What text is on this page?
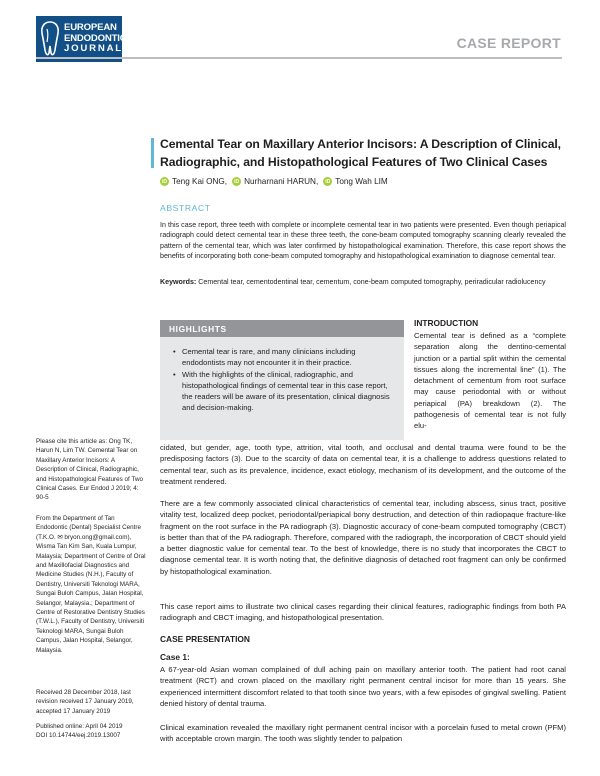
EUROPEAN
ENDODONTIC
JOURNAL	CASE REPORT
Cemental Tear on Maxillary Anterior Incisors: A Description of Clinical, Radiographic, and Histopathological Features of Two Clinical Cases
iD Teng Kai ONG,	iD Nurharnani HARUN,	iD Tong Wah LIM
ABSTRACT

In this case report, three teeth with complete or incomplete cemental tear in two patients were presented. Even though periapical radiograph could detect cemental tear in these three teeth, the cone-beam computed tomography scanning clearly revealed the pattern of the cemental tear, which was later confirmed by histopathological examination. Therefore, this case report shows the benefits of incorporating both cone-beam computed tomography and histopathological examination to diagnose cemental tear.

Keywords: Cemental tear, cementodentinal tear, cementum, cone-beam computed tomography, periradicular radiolucency

HIGHLIGHTS
• Cemental tear is rare, and many clinicians including endodontists may not encounter it in their practice.
• With the highlights of the clinical, radiographic, and histopathological findings of cemental tear in this case report, the readers will be aware of its presentation, clinical diagnosis and decision-making.
INTRODUCTION

Cemental tear is defined as a “complete separation along the dentino-cemental junction or a partial split within the cemental tissues along the incremental line” (1). The detachment of cementum from root surface may cause periodontal with or without periapical (PA) breakdown (2). The pathogenesis of cemental tear is not fully elu-

cidated, but gender, age, tooth type, attrition, vital tooth, and occlusal and dental trauma were found to be the predisposing factors (3). Due to the scarcity of data on cemental tear, it is a challenge to address questions related to cemental tear, such as its prevalence, incidence, exact etiology, mechanism of its development, and the outcome of the treatment rendered.

There are a few commonly associated clinical characteristics of cemental tear, including abscess, sinus tract, positive vitality test, localized deep pocket, periodontal/periapical bony destruction, and detection of thin radiopaque fracture-like fragment on the root surface in the PA radiograph (3). Diagnostic accuracy of cone-beam computed tomography (CBCT) is better than that of the PA radiograph. Therefore, compared with the radiograph, the incorporation of CBCT should yield a better diagnostic value for cemental tear. To the best of knowledge, there is no study that incorporates the CBCT to diagnose cemental tear. It is worth noting that, the definitive diagnosis of detached root fragment can only be confirmed by histopathological examination.

This case report aims to illustrate two clinical cases regarding their clinical features, radiographic findings from both PA radiograph and CBCT imaging, and histopathological presentation.

CASE PRESENTATION
Case 1:

A 67-year-old Asian woman complained of dull aching pain on maxillary anterior tooth. The patient had root canal treatment (RCT) and crown placed on the maxillary right permanent central incisor for more than 15 years. She experienced intermittent discomfort related to that tooth since two years, with a few episodes of gingival swelling. Patient denied history of dental trauma.

Clinical examination revealed the maxillary right permanent central incisor with a porcelain fused to metal crown (PFM) with acceptable crown margin. The tooth was slightly tender to palpation

Please cite this article as: Ong TK, Harun N, Lim TW. Cemental Tear on Maxillary Anterior Incisors: A Description of Clinical, Radiographic, and Histopathological Features of Two Clinical Cases. Eur Endod J 2019; 4: 90-5

From the Department of Tan Endodontic (Dental) Specialist Centre (T.K.O. ✉ bryon.ong@gmail.com), Wisma Tan Kim San, Kuala Lumpur, Malaysia; Department of Centre of Oral and Maxillofacial Diagnostics and Medicine Studies (N.H.), Faculty of Dentistry, Universiti Teknologi MARA, Sungai Buloh Campus, Jalan Hospital, Selangor, Malaysia.; Department of Centre of Restorative Dentistry Studies (T.W.L.), Faculty of Dentistry, Universiti Teknologi MARA, Sungai Buloh Campus, Jalan Hospital, Selangor, Malaysia.

Received 28 December 2018, last revision received 17 January 2019, accepted 17 January 2019

Published online: April 04 2019

DOI 10.14744/eej.2019.13007
